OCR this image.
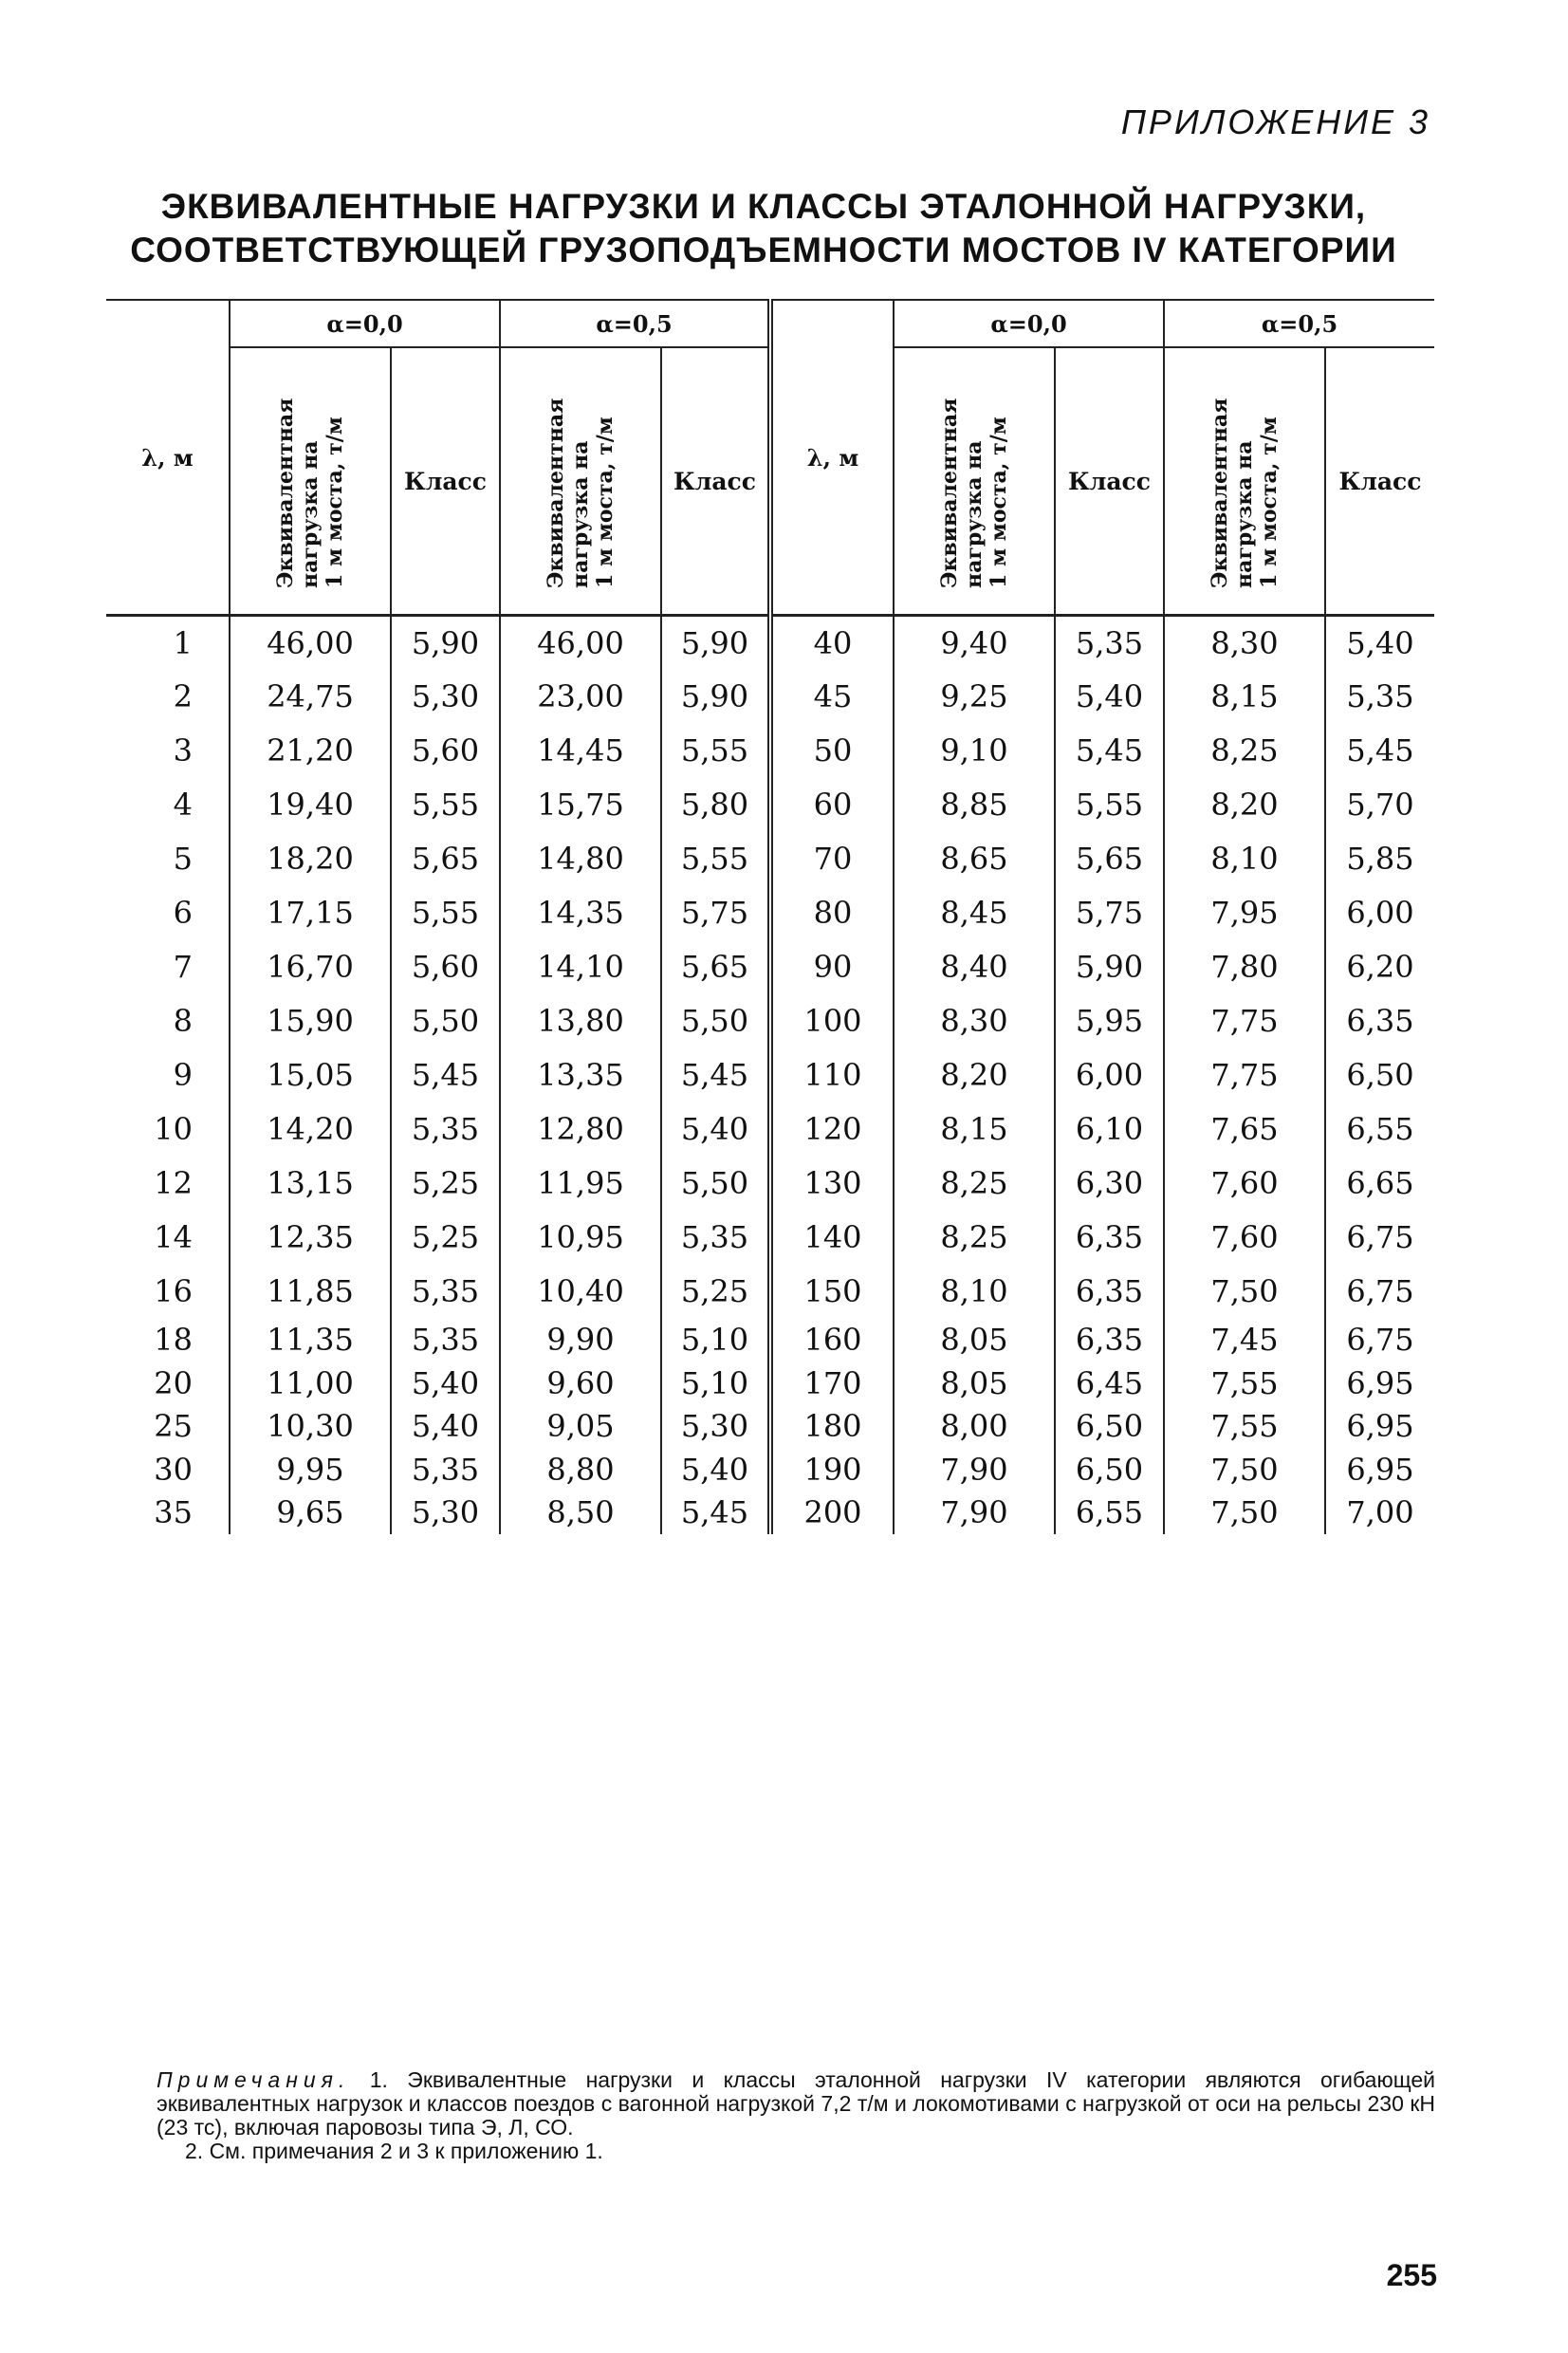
ПРИЛОЖЕНИЕ 3
ЭКВИВАЛЕНТНЫЕ НАГРУЗКИ И КЛАССЫ ЭТАЛОННОЙ НАГРУЗКИ,
СООТВЕТСТВУЮЩЕЙ ГРУЗОПОДЪЕМНОСТИ МОСТОВ IV КАТЕГОРИИ
λ, м	α=0,0		α=0,5		λ, м	α=0,0		α=0,5	
	Эквивалентная
нагрузка на
1 м моста, т/м	Класс	Эквивалентная
нагрузка на
1 м моста, т/м	Класс		Эквивалентная
нагрузка на
1 м моста, т/м	Класс	Эквивалентная
нагрузка на
1 м моста, т/м	Класс
1	46,00	5,90	46,00	5,90	40	9,40	5,35	8,30	5,40
2	24,75	5,30	23,00	5,90	45	9,25	5,40	8,15	5,35
3	21,20	5,60	14,45	5,55	50	9,10	5,45	8,25	5,45
4	19,40	5,55	15,75	5,80	60	8,85	5,55	8,20	5,70
5	18,20	5,65	14,80	5,55	70	8,65	5,65	8,10	5,85
6	17,15	5,55	14,35	5,75	80	8,45	5,75	7,95	6,00
7	16,70	5,60	14,10	5,65	90	8,40	5,90	7,80	6,20
8	15,90	5,50	13,80	5,50	100	8,30	5,95	7,75	6,35
9	15,05	5,45	13,35	5,45	110	8,20	6,00	7,75	6,50
10	14,20	5,35	12,80	5,40	120	8,15	6,10	7,65	6,55
12	13,15	5,25	11,95	5,50	130	8,25	6,30	7,60	6,65
14	12,35	5,25	10,95	5,35	140	8,25	6,35	7,60	6,75
16	11,85	5,35	10,40	5,25	150	8,10	6,35	7,50	6,75
18	11,35	5,35	9,90	5,10	160	8,05	6,35	7,45	6,75
20	11,00	5,40	9,60	5,10	170	8,05	6,45	7,55	6,95
25	10,30	5,40	9,05	5,30	180	8,00	6,50	7,55	6,95
30	9,95	5,35	8,80	5,40	190	7,90	6,50	7,50	6,95
35	9,65	5,30	8,50	5,45	200	7,90	6,55	7,50	7,00

Примечания. 1. Эквивалентные нагрузки и классы эталонной нагрузки IV категории являются огибающей эквивалентных нагрузок и классов поездов с вагонной нагрузкой 7,2 т/м и локомотивами с нагрузкой от оси на рельсы 230 кН (23 тс), включая паровозы типа Э, Л, СО.

2. См. примечания 2 и 3 к приложению 1.

255
